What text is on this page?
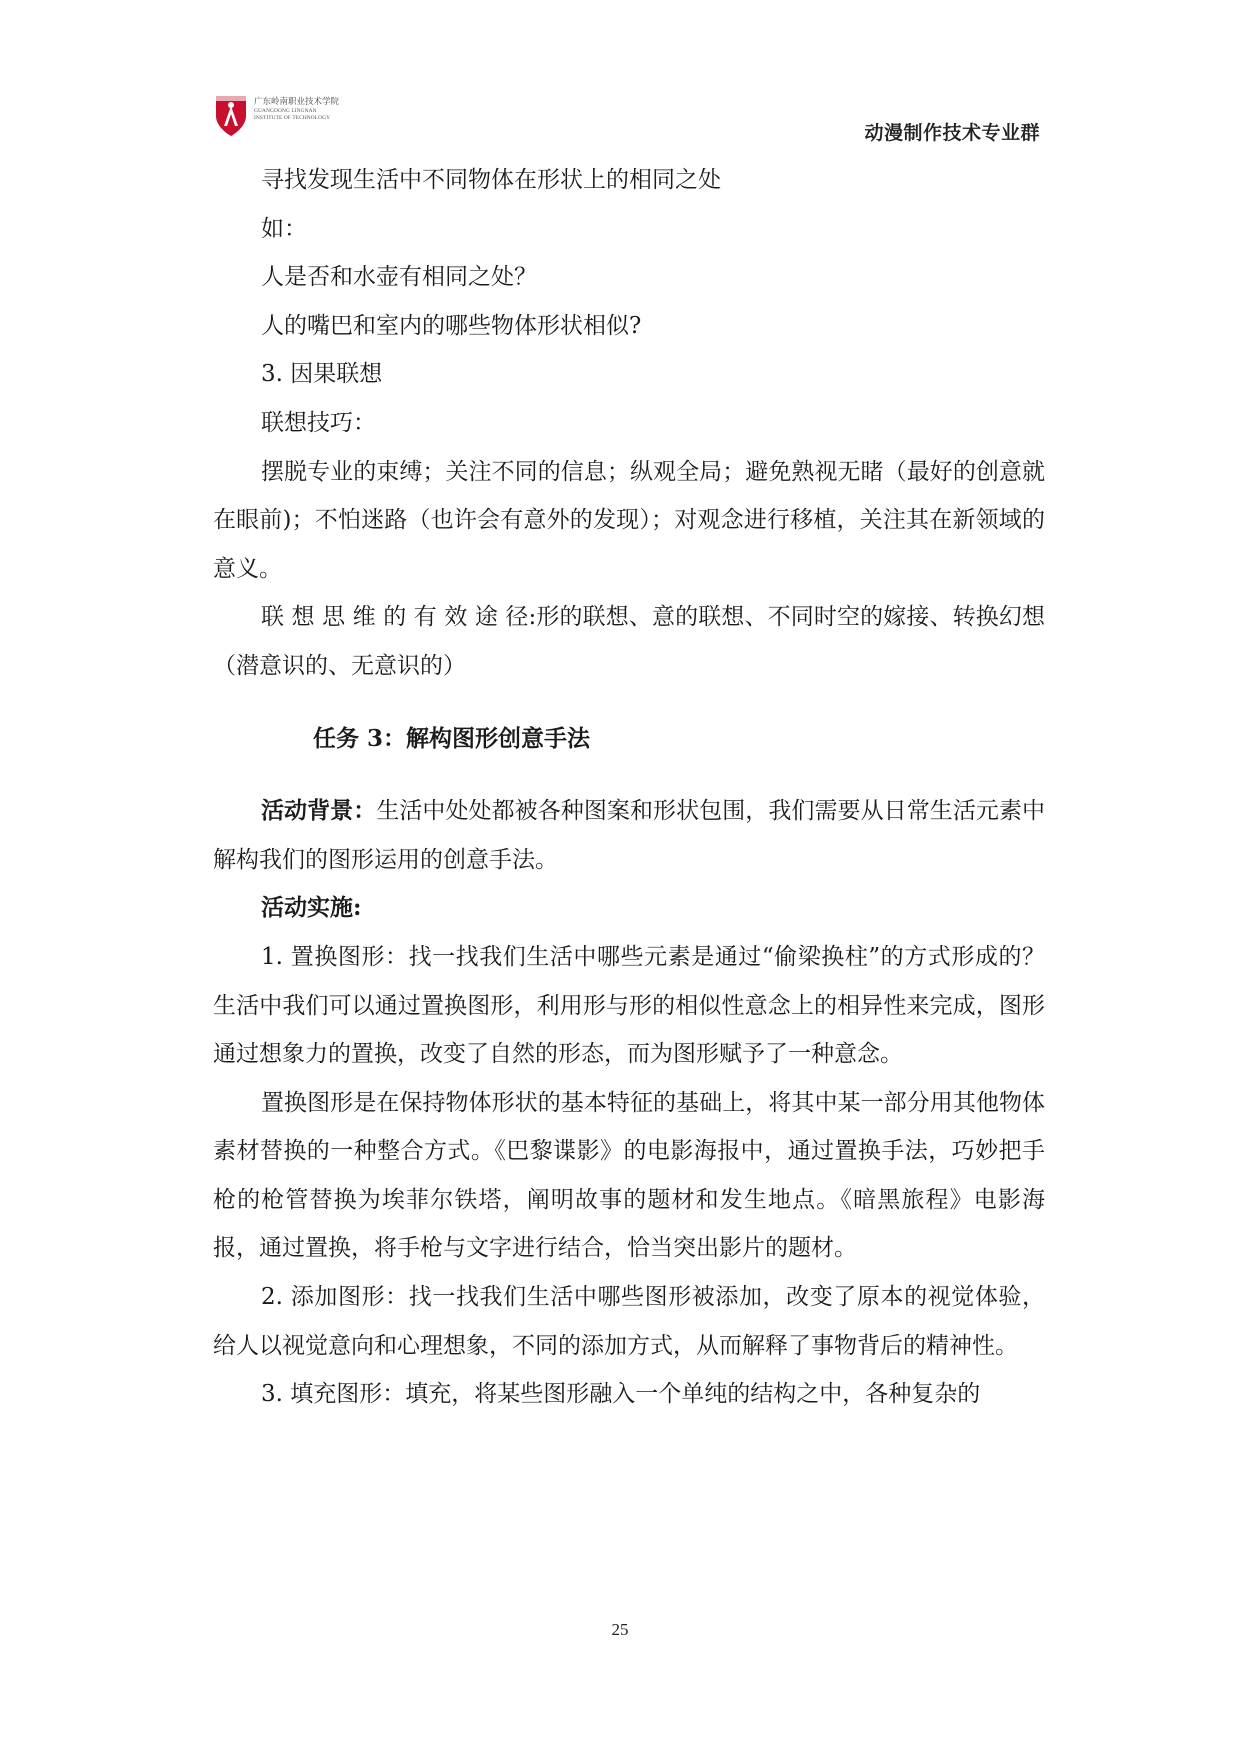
广东岭南职业技术学院
GUANGDONG LINGNAN
INSTITUTE OF TECHNOLOGY
动漫制作技术专业群

寻找发现生活中不同物体在形状上的相同之处

如：

人是否和水壶有相同之处？

人的嘴巴和室内的哪些物体形状相似?

3. 因果联想

联想技巧：

摆脱专业的束缚；关注不同的信息；纵观全局；避免熟视无睹（最好的创意就在眼前)；不怕迷路（也许会有意外的发现）；对观念进行移植，关注其在新领域的意义。

联 想 思 维 的 有 效 途 径:形的联想、意的联想、不同时空的嫁接、转换幻想（潜意识的、无意识的）

任务 3：解构图形创意手法

活动背景：生活中处处都被各种图案和形状包围，我们需要从日常生活元素中解构我们的图形运用的创意手法。

活动实施:

1. 置换图形：找一找我们生活中哪些元素是通过“偷梁换柱”的方式形成的？生活中我们可以通过置换图形，利用形与形的相似性意念上的相异性来完成，图形通过想象力的置换，改变了自然的形态，而为图形赋予了一种意念。

置换图形是在保持物体形状的基本特征的基础上，将其中某一部分用其他物体素材替换的一种整合方式。《巴黎谍影》的电影海报中，通过置换手法，巧妙把手枪的枪管替换为埃菲尔铁塔，阐明故事的题材和发生地点。《暗黑旅程》电影海报，通过置换，将手枪与文字进行结合，恰当突出影片的题材。

2. 添加图形：找一找我们生活中哪些图形被添加，改变了原本的视觉体验，给人以视觉意向和心理想象，不同的添加方式，从而解释了事物背后的精神性。

3. 填充图形：填充，将某些图形融入一个单纯的结构之中，各种复杂的

25
